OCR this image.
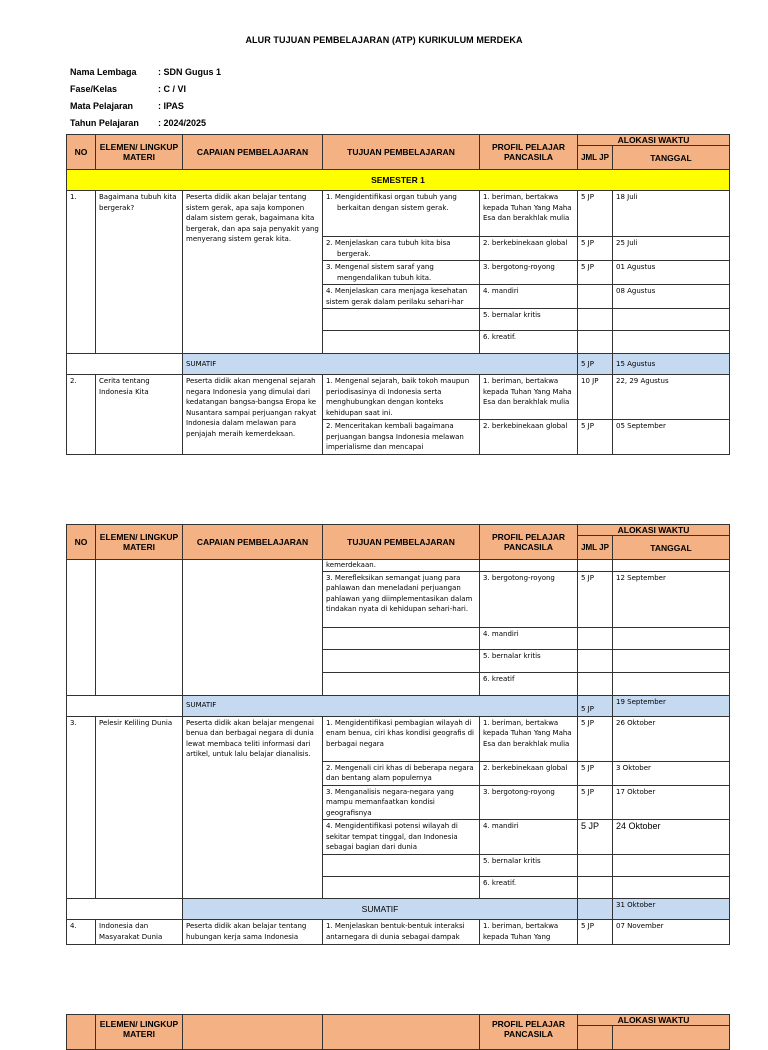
ALUR TUJUAN PEMBELAJARAN (ATP) KURIKULUM MERDEKA
Nama Lembaga : SDN Gugus 1
Fase/Kelas	: C / VI
Mata Pelajaran	: IPAS
Tahun Pelajaran : 2024/2025
NO	ELEMEN/ LINGKUP MATERI	CAPAIAN PEMBELAJARAN	TUJUAN PEMBELAJARAN	PROFIL PELAJAR PANCASILA	ALOKASI WAKTU	
					JML JP	TANGGAL
SEMESTER 1						
1.	Bagaimana tubuh kita bergerak?	Peserta didik akan belajar tentang sistem gerak, apa saja komponen dalam sistem gerak, bagaimana kita bergerak, dan apa saja penyakit yang menyerang sistem gerak kita.	1. Mengidentifikasi organ tubuh yang berkaitan dengan sistem gerak.	1. beriman, bertakwa kepada Tuhan Yang Maha Esa dan berakhlak mulia	5 JP	18 Juli

			2. Menjelaskan cara tubuh kita bisa bergerak.	2. berkebinekaan global	5 JP	25 Juli

			3. Mengenal sistem saraf yang mengendalikan tubuh kita.	3. bergotong-royong	5 JP	01 Agustus
			4. Menjelaskan cara menjaga kesehatan sistem gerak dalam perilaku sehari-har	4. mandiri		08 Agustus
				5. bernalar kritis		
				6. kreatif.		
		SUMATIF			5 JP	15 Agustus
2.	Cerita tentang Indonesia Kita	Peserta didik akan mengenal sejarah negara Indonesia yang dimulai dari kedatangan bangsa-bangsa Eropa ke Nusantara sampai perjuangan rakyat Indonesia dalam melawan para penjajah meraih kemerdekaan.	1. Mengenal sejarah, baik tokoh maupun periodisasinya di Indonesia serta menghubungkan dengan konteks kehidupan saat ini.	1. beriman, bertakwa kepada Tuhan Yang Maha Esa dan berakhlak mulia	10 JP	22, 29 Agustus
			2. Menceritakan kembali bagaimana perjuangan bangsa Indonesia melawan imperialisme dan mencapai	2. berkebinekaan global	5 JP	05 September
NO	ELEMEN/ LINGKUP MATERI	CAPAIAN PEMBELAJARAN	TUJUAN PEMBELAJARAN	PROFIL PELAJAR PANCASILA	ALOKASI WAKTU	
					JML JP	TANGGAL
			kemerdekaan.			
			3. Merefleksikan semangat juang para pahlawan dan meneladani perjuangan pahlawan yang diimplementasikan dalam tindakan nyata di kehidupan sehari-hari.	3. bergotong-royong	5 JP	12 September
				4. mandiri		
				5. bernalar kritis		
				6. kreatif		
		SUMATIF			5 JP	19 September
3.	Pelesir Keliling Dunia	Peserta didik akan belajar mengenai benua dan berbagai negara di dunia lewat membaca teliti informasi dari artikel, untuk lalu belajar dianalisis.	1. Mengidentifikasi pembagian wilayah di enam benua, ciri khas kondisi geografis di berbagai negara	1. beriman, bertakwa kepada Tuhan Yang Maha Esa dan berakhlak mulia	5 JP	26 Oktober
			2. Mengenali ciri khas di beberapa negara dan bentang alam populernya	2. berkebinekaan global	5 JP	3 Oktober
			3. Menganalisis negara-negara yang mampu memanfaatkan kondisi geografisnya	3. bergotong-royong	5 JP	17 Oktober
			4. Mengidentifikasi potensi wilayah di sekitar tempat tinggal, dan Indonesia sebagai bagian dari dunia	4. mandiri	5 JP	24 Oktober
				5. bernalar kritis		
				6. kreatif.		
		SUMATIF				31 Oktober
4.	Indonesia dan Masyarakat Dunia	Peserta didik akan belajar tentang hubungan kerja sama Indonesia	1. Menjelaskan bentuk-bentuk interaksi antarnegara di dunia sebagai dampak	1. beriman, bertakwa kepada Tuhan Yang	5 JP	07 November
	ELEMEN/ LINGKUP MATERI			PROFIL PELAJAR PANCASILA	ALOKASI WAKTU	
